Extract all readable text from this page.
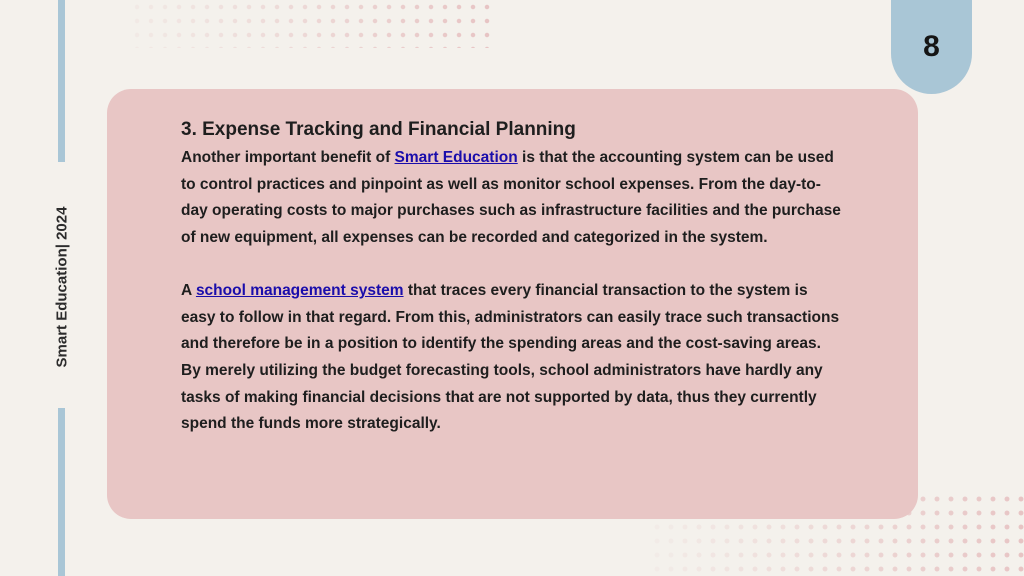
Smart Education| 2024
8
3. Expense Tracking and Financial Planning

Another important benefit of Smart Education is that the accounting system can be used to control practices and pinpoint as well as monitor school expenses. From the day-to-day operating costs to major purchases such as infrastructure facilities and the purchase of new equipment, all expenses can be recorded and categorized in the system.

A school management system that traces every financial transaction to the system is easy to follow in that regard. From this, administrators can easily trace such transactions and therefore be in a position to identify the spending areas and the cost-saving areas. By merely utilizing the budget forecasting tools, school administrators have hardly any tasks of making financial decisions that are not supported by data, thus they currently spend the funds more strategically.
